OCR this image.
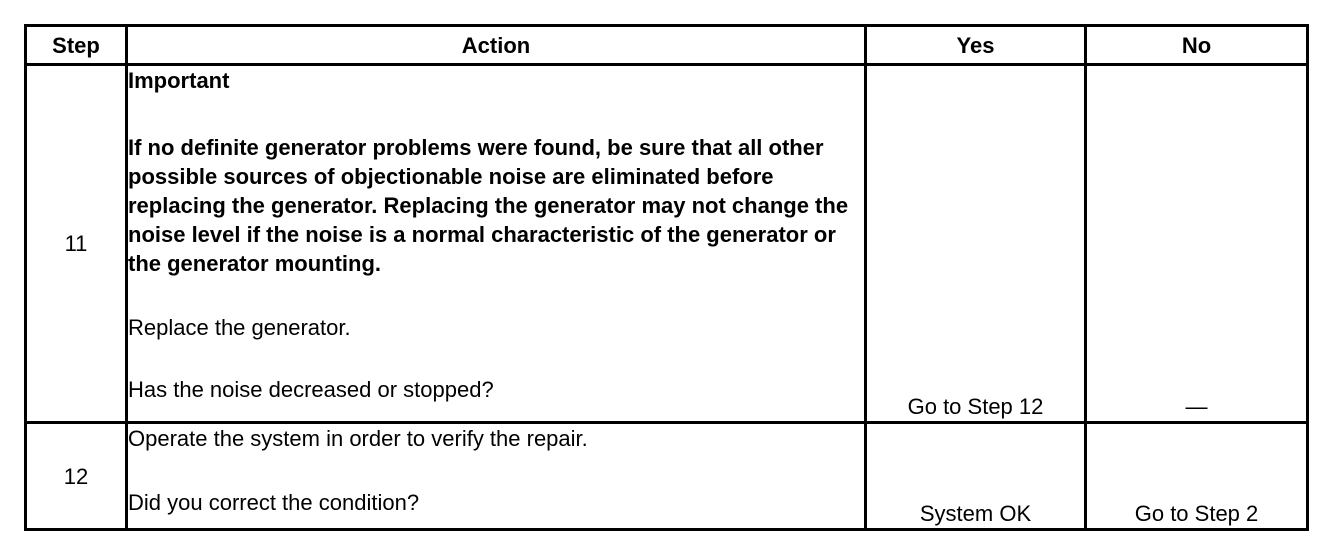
Step	Action	Yes	No
11	Important

If no definite generator problems were found, be sure that all other possible sources of objectionable noise are eliminated before replacing the generator. Replacing the generator may not change the noise level if the noise is a normal characteristic of the generator or the generator mounting.

Replace the generator.

Has the noise decreased or stopped?	Go to Step 12	—
12	Operate the system in order to verify the repair.

Did you correct the condition?	System OK	Go to Step 2
